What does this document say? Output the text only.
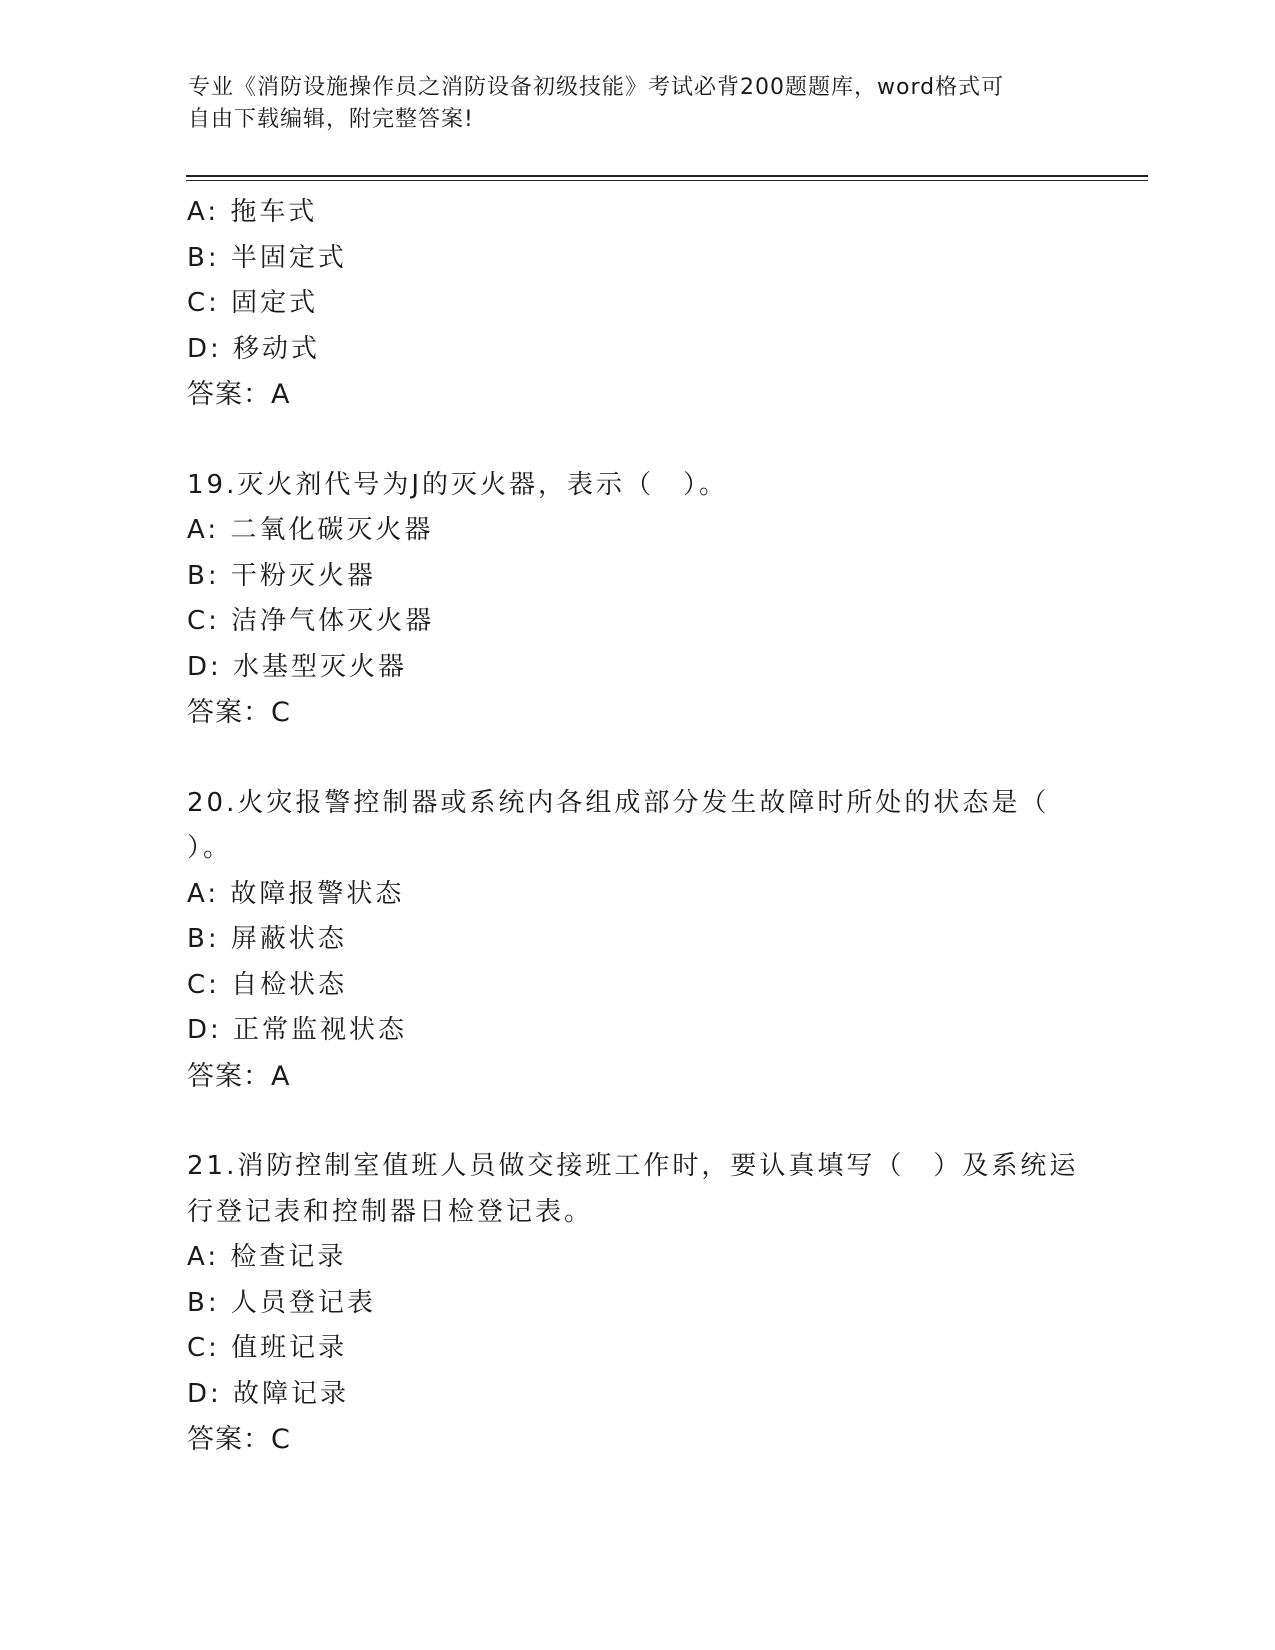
专业《消防设施操作员之消防设备初级技能》考试必背200题题库，word格式可
自由下载编辑，附完整答案!
A: 拖车式
B: 半固定式
C: 固定式
D: 移动式
答案：A
19.灭火剂代号为J的灭火器，表示（　）。
A: 二氧化碳灭火器
B: 干粉灭火器
C: 洁净气体灭火器
D: 水基型灭火器
答案：C
20.火灾报警控制器或系统内各组成部分发生故障时所处的状态是（
）。
A: 故障报警状态
B: 屏蔽状态
C: 自检状态
D: 正常监视状态
答案：A
21.消防控制室值班人员做交接班工作时，要认真填写（　）及系统运
行登记表和控制器日检登记表。
A: 检查记录
B: 人员登记表
C: 值班记录
D: 故障记录
答案：C
